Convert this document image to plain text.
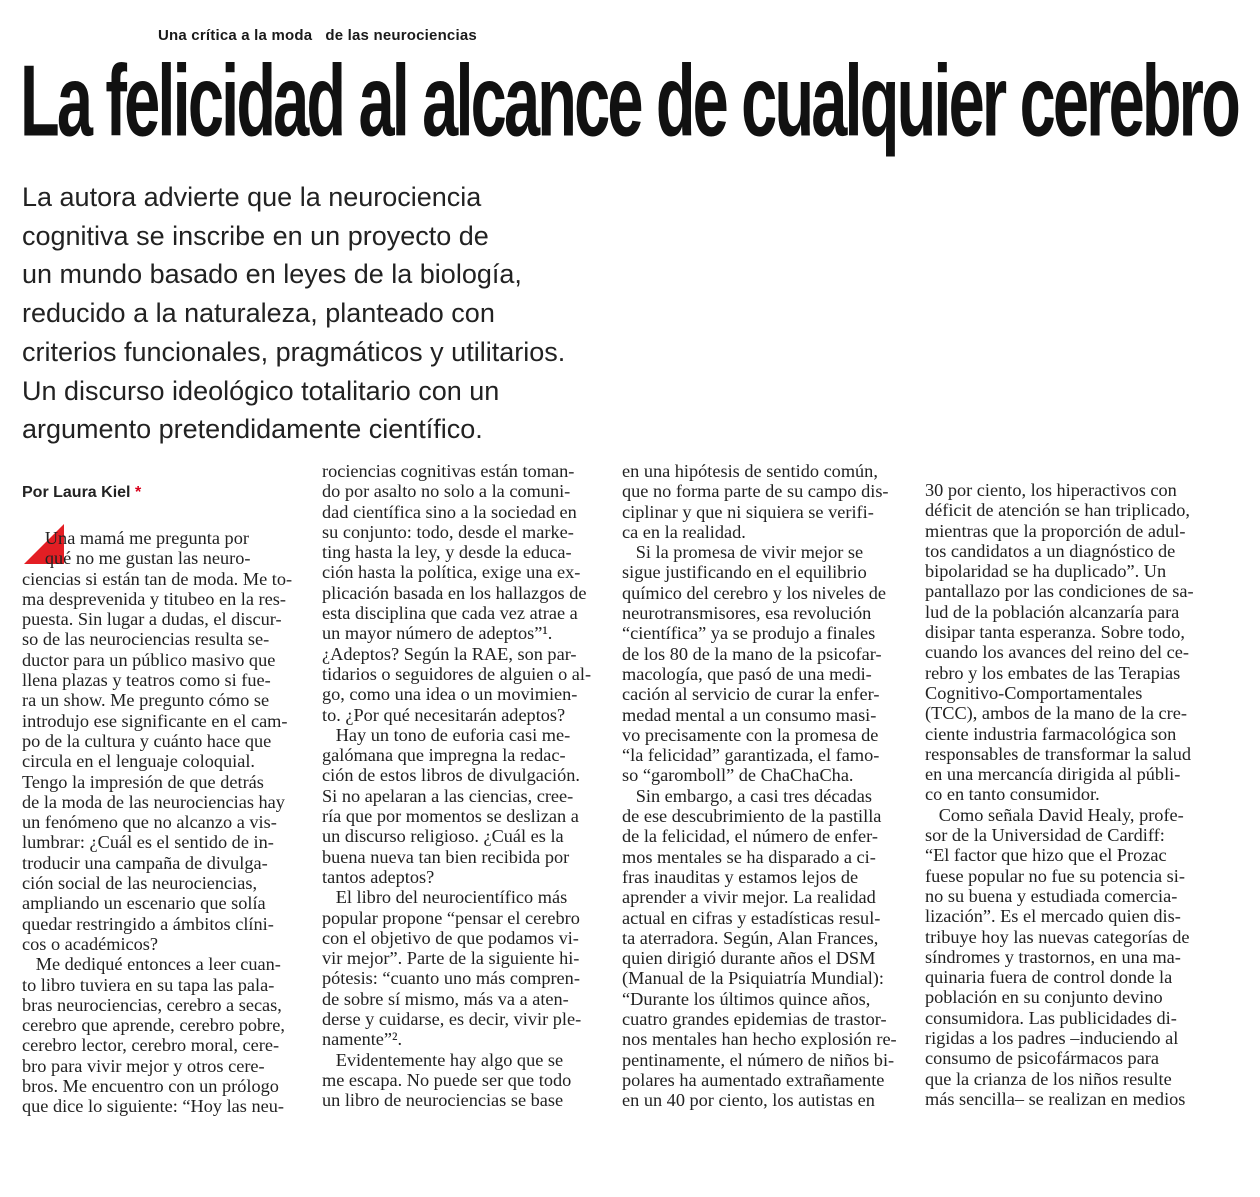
Una crítica a la moda   de las neurociencias
La felicidad al alcance de cualquier cerebro
La autora advierte que la neurociencia
cognitiva se inscribe en un proyecto de
un mundo basado en leyes de la biología,
reducido a la naturaleza, planteado con
criterios funcionales, pragmáticos y utilitarios.
Un discurso ideológico totalitario con un
argumento pretendidamente científico.
Por Laura Kiel *
Una mamá me pregunta por
qué no me gustan las neuro-
ciencias si están tan de moda. Me to-
ma desprevenida y titubeo en la res-
puesta. Sin lugar a dudas, el discur-
so de las neurociencias resulta se-
ductor para un público masivo que
llena plazas y teatros como si fue-
ra un show. Me pregunto cómo se
introdujo ese significante en el cam-
po de la cultura y cuánto hace que
circula en el lenguaje coloquial.
Tengo la impresión de que detrás
de la moda de las neurociencias hay
un fenómeno que no alcanzo a vis-
lumbrar: ¿Cuál es el sentido de in-
troducir una campaña de divulga-
ción social de las neurociencias,
ampliando un escenario que solía
quedar restringido a ámbitos clíni-
cos o académicos?
Me dediqué entonces a leer cuan-
to libro tuviera en su tapa las pala-
bras neurociencias, cerebro a secas,
cerebro que aprende, cerebro pobre,
cerebro lector, cerebro moral, cere-
bro para vivir mejor y otros cere-
bros. Me encuentro con un prólogo
que dice lo siguiente: “Hoy las neu-
rociencias cognitivas están toman-
do por asalto no solo a la comuni-
dad científica sino a la sociedad en
su conjunto: todo, desde el marke-
ting hasta la ley, y desde la educa-
ción hasta la política, exige una ex-
plicación basada en los hallazgos de
esta disciplina que cada vez atrae a
un mayor número de adeptos”¹.
¿Adeptos? Según la RAE, son par-
tidarios o seguidores de alguien o al-
go, como una idea o un movimien-
to. ¿Por qué necesitarán adeptos?
Hay un tono de euforia casi me-
galómana que impregna la redac-
ción de estos libros de divulgación.
Si no apelaran a las ciencias, cree-
ría que por momentos se deslizan a
un discurso religioso. ¿Cuál es la
buena nueva tan bien recibida por
tantos adeptos?
El libro del neurocientífico más
popular propone “pensar el cerebro
con el objetivo de que podamos vi-
vir mejor”. Parte de la siguiente hi-
pótesis: “cuanto uno más compren-
de sobre sí mismo, más va a aten-
derse y cuidarse, es decir, vivir ple-
namente”².
Evidentemente hay algo que se
me escapa. No puede ser que todo
un libro de neurociencias se base
en una hipótesis de sentido común,
que no forma parte de su campo dis-
ciplinar y que ni siquiera se verifi-
ca en la realidad.
Si la promesa de vivir mejor se
sigue justificando en el equilibrio
químico del cerebro y los niveles de
neurotransmisores, esa revolución
“científica” ya se produjo a finales
de los 80 de la mano de la psicofar-
macología, que pasó de una medi-
cación al servicio de curar la enfer-
medad mental a un consumo masi-
vo precisamente con la promesa de
“la felicidad” garantizada, el famo-
so “garomboll” de ChaChaCha.
Sin embargo, a casi tres décadas
de ese descubrimiento de la pastilla
de la felicidad, el número de enfer-
mos mentales se ha disparado a ci-
fras inauditas y estamos lejos de
aprender a vivir mejor. La realidad
actual en cifras y estadísticas resul-
ta aterradora. Según, Alan Frances,
quien dirigió durante años el DSM
(Manual de la Psiquiatría Mundial):
“Durante los últimos quince años,
cuatro grandes epidemias de trastor-
nos mentales han hecho explosión re-
pentinamente, el número de niños bi-
polares ha aumentado extrañamente
en un 40 por ciento, los autistas en
30 por ciento, los hiperactivos con
déficit de atención se han triplicado,
mientras que la proporción de adul-
tos candidatos a un diagnóstico de
bipolaridad se ha duplicado”. Un
pantallazo por las condiciones de sa-
lud de la población alcanzaría para
disipar tanta esperanza. Sobre todo,
cuando los avances del reino del ce-
rebro y los embates de las Terapias
Cognitivo-Comportamentales
(TCC), ambos de la mano de la cre-
ciente industria farmacológica son
responsables de transformar la salud
en una mercancía dirigida al públi-
co en tanto consumidor.
Como señala David Healy, profe-
sor de la Universidad de Cardiff:
“El factor que hizo que el Prozac
fuese popular no fue su potencia si-
no su buena y estudiada comercia-
lización”. Es el mercado quien dis-
tribuye hoy las nuevas categorías de
síndromes y trastornos, en una ma-
quinaria fuera de control donde la
población en su conjunto devino
consumidora. Las publicidades di-
rigidas a los padres –induciendo al
consumo de psicofármacos para
que la crianza de los niños resulte
más sencilla– se realizan en medios
